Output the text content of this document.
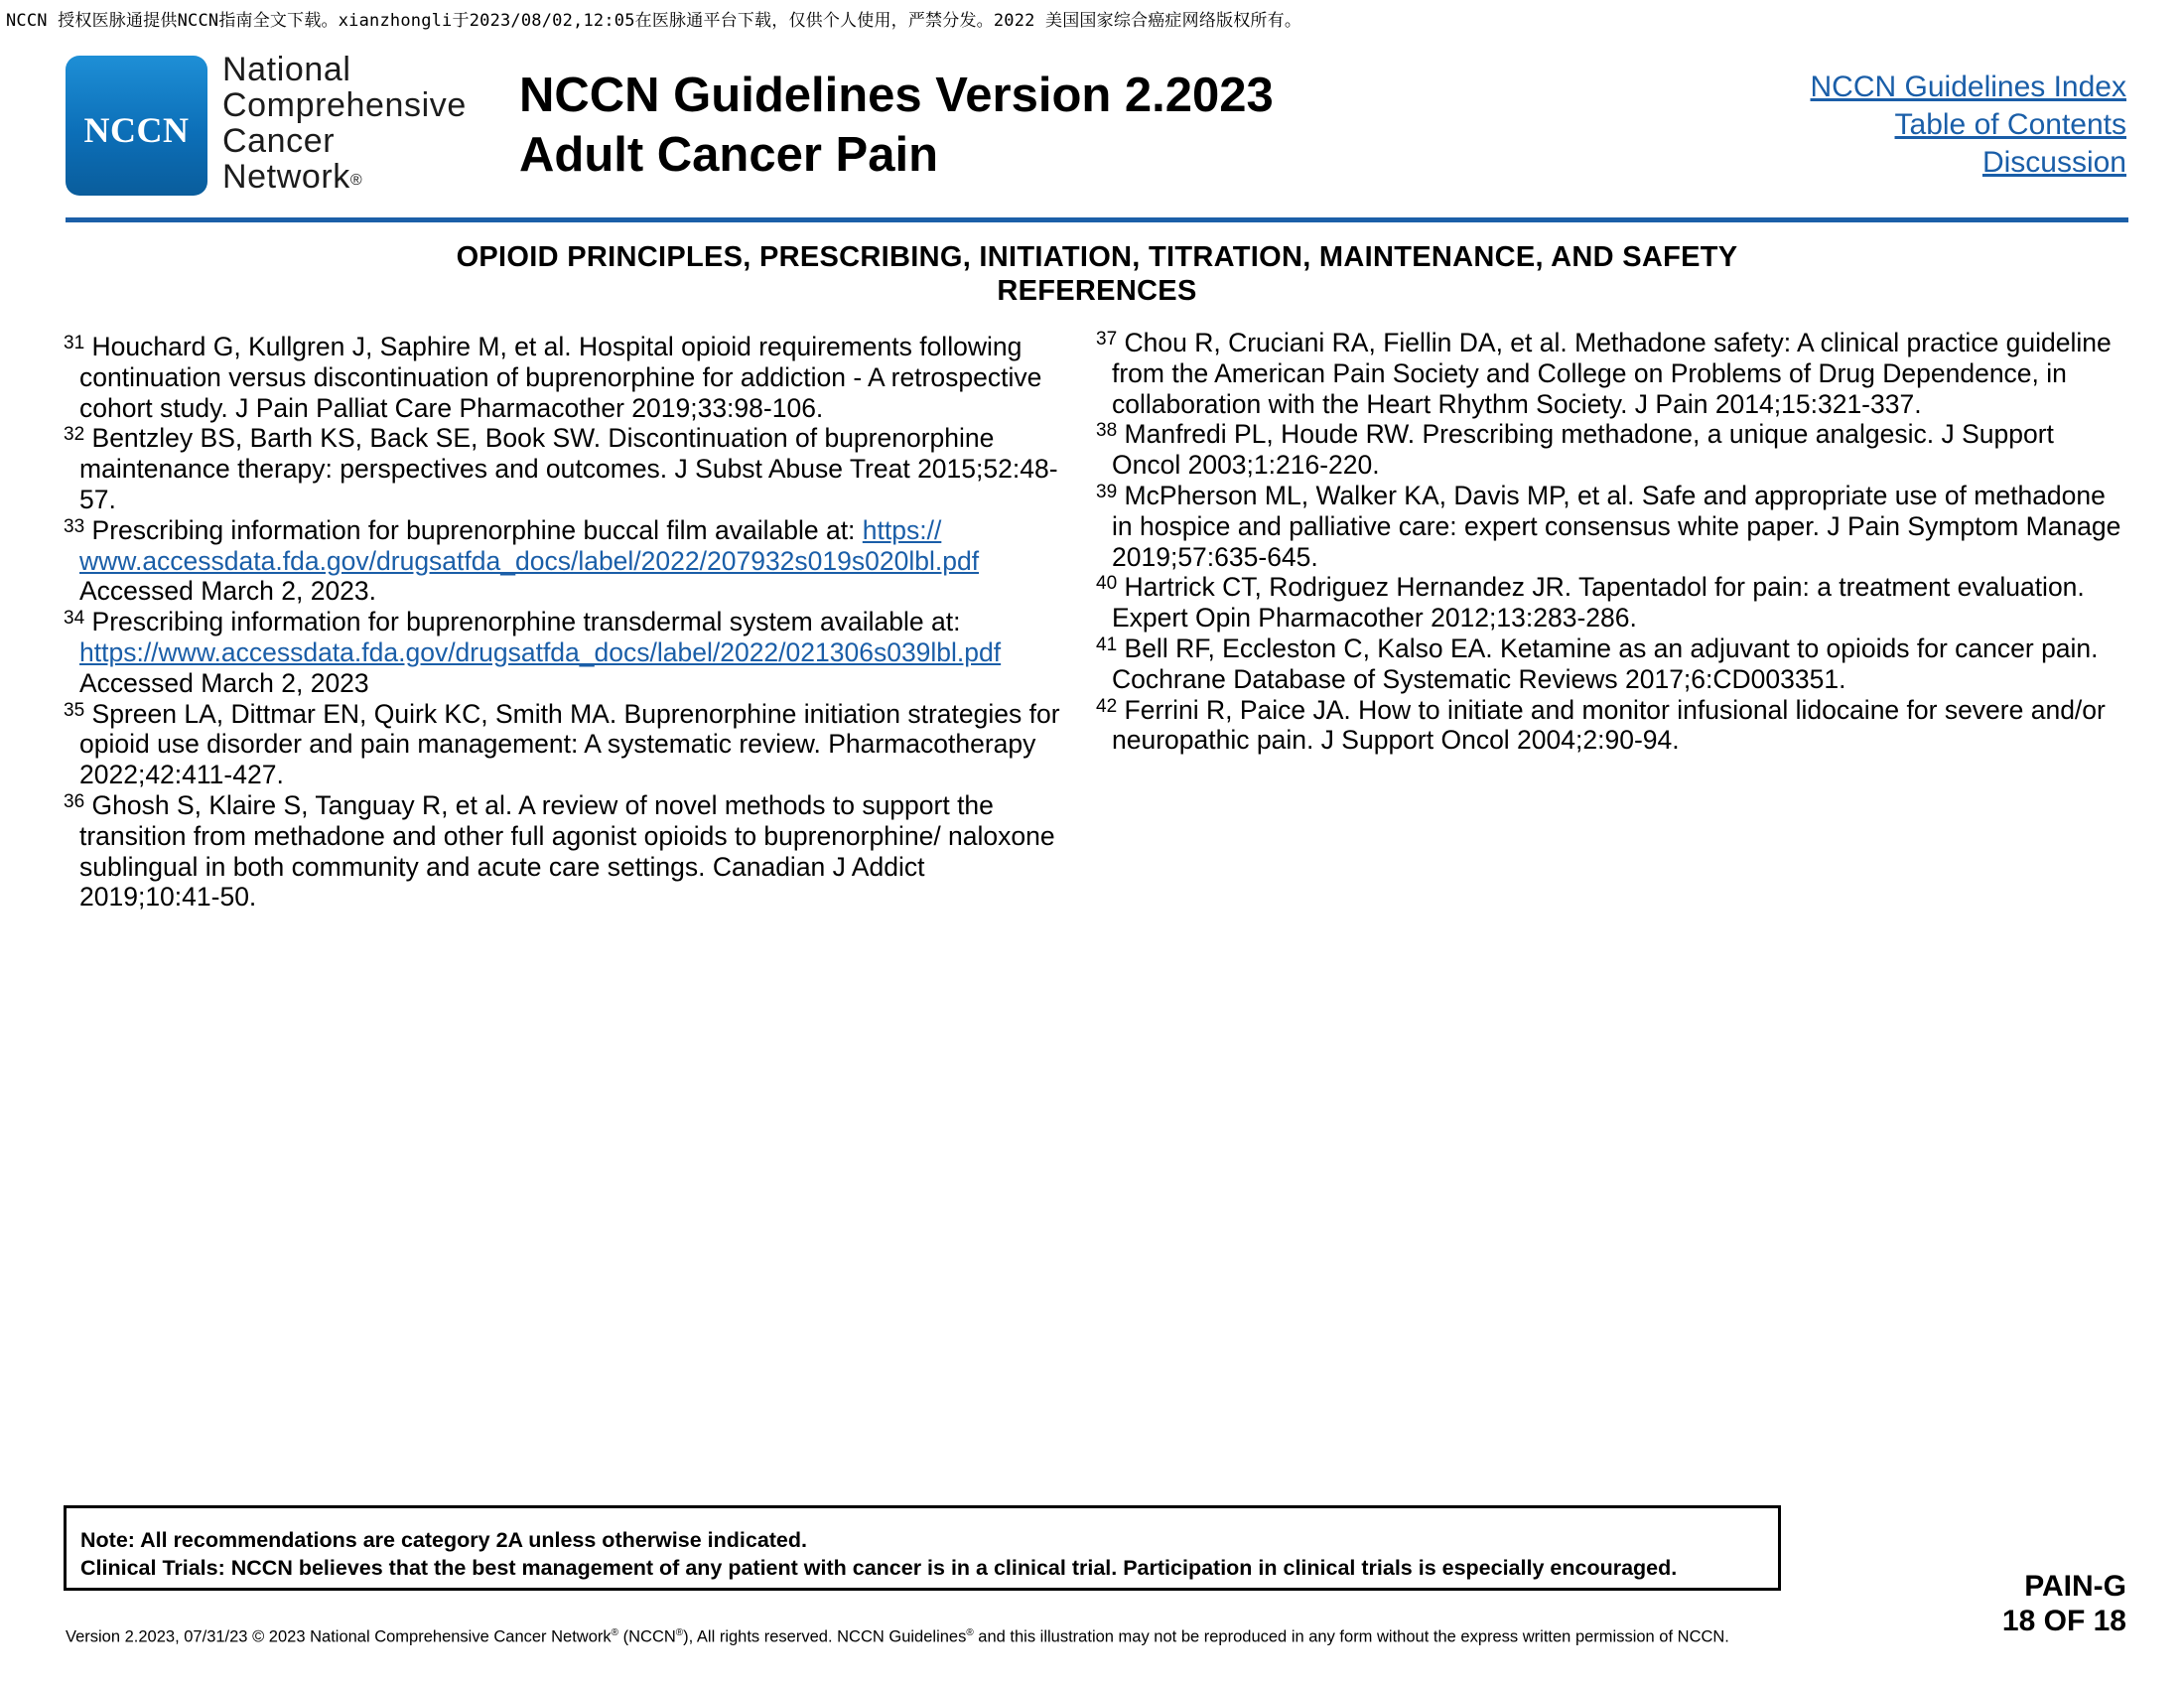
NCCN 授权医脉通提供NCCN指南全文下载。xianzhongli于2023/08/02,12:05在医脉通平台下载，仅供个人使用，严禁分发。2022 美国国家综合癌症网络版权所有。
NCCN
National
Comprehensive
Cancer
Network®
NCCN Guidelines Version 2.2023
Adult Cancer Pain
NCCN Guidelines Index
Table of Contents
Discussion
OPIOID PRINCIPLES, PRESCRIBING, INITIATION, TITRATION, MAINTENANCE, AND SAFETY
REFERENCES

$^{31}$ Houchard G, Kullgren J, Saphire M, et al. Hospital opioid requirements following continuation versus discontinuation of buprenorphine for addiction - A retrospective cohort study. J Pain Palliat Care Pharmacother 2019;33:98-106.

$^{32}$ Bentzley BS, Barth KS, Back SE, Book SW. Discontinuation of buprenorphine maintenance therapy: perspectives and outcomes. J Subst Abuse Treat 2015;52:48-57.

$^{33}$ Prescribing information for buprenorphine buccal film available at: https://
www.accessdata.fda.gov/drugsatfda_docs/label/2022/207932s019s020lbl.pdf
Accessed March 2, 2023.

$^{34}$ Prescribing information for buprenorphine transdermal system available at:
https://www.accessdata.fda.gov/drugsatfda_docs/label/2022/021306s039lbl.pdf
Accessed March 2, 2023

$^{35}$ Spreen LA, Dittmar EN, Quirk KC, Smith MA. Buprenorphine initiation strategies for opioid use disorder and pain management: A systematic review. Pharmacotherapy 2022;42:411-427.

$^{36}$ Ghosh S, Klaire S, Tanguay R, et al. A review of novel methods to support the transition from methadone and other full agonist opioids to buprenorphine/ naloxone sublingual in both community and acute care settings. Canadian J Addict 2019;10:41-50.

$^{37}$ Chou R, Cruciani RA, Fiellin DA, et al. Methadone safety: A clinical practice guideline from the American Pain Society and College on Problems of Drug Dependence, in collaboration with the Heart Rhythm Society. J Pain 2014;15:321-337.

$^{38}$ Manfredi PL, Houde RW. Prescribing methadone, a unique analgesic. J Support Oncol 2003;1:216-220.

$^{39}$ McPherson ML, Walker KA, Davis MP, et al. Safe and appropriate use of methadone in hospice and palliative care: expert consensus white paper. J Pain Symptom Manage 2019;57:635-645.

$^{40}$ Hartrick CT, Rodriguez Hernandez JR. Tapentadol for pain: a treatment evaluation. Expert Opin Pharmacother 2012;13:283-286.

$^{41}$ Bell RF, Eccleston C, Kalso EA. Ketamine as an adjuvant to opioids for cancer pain. Cochrane Database of Systematic Reviews 2017;6:CD003351.

$^{42}$ Ferrini R, Paice JA. How to initiate and monitor infusional lidocaine for severe and/or neuropathic pain. J Support Oncol 2004;2:90-94.

Note: All recommendations are category 2A unless otherwise indicated.
Clinical Trials: NCCN believes that the best management of any patient with cancer is in a clinical trial. Participation in clinical trials is especially encouraged.
PAIN-G
18 OF 18
Version 2.2023, 07/31/23 © 2023 National Comprehensive Cancer Network® (NCCN®), All rights reserved. NCCN Guidelines® and this illustration may not be reproduced in any form without the express written permission of NCCN.
